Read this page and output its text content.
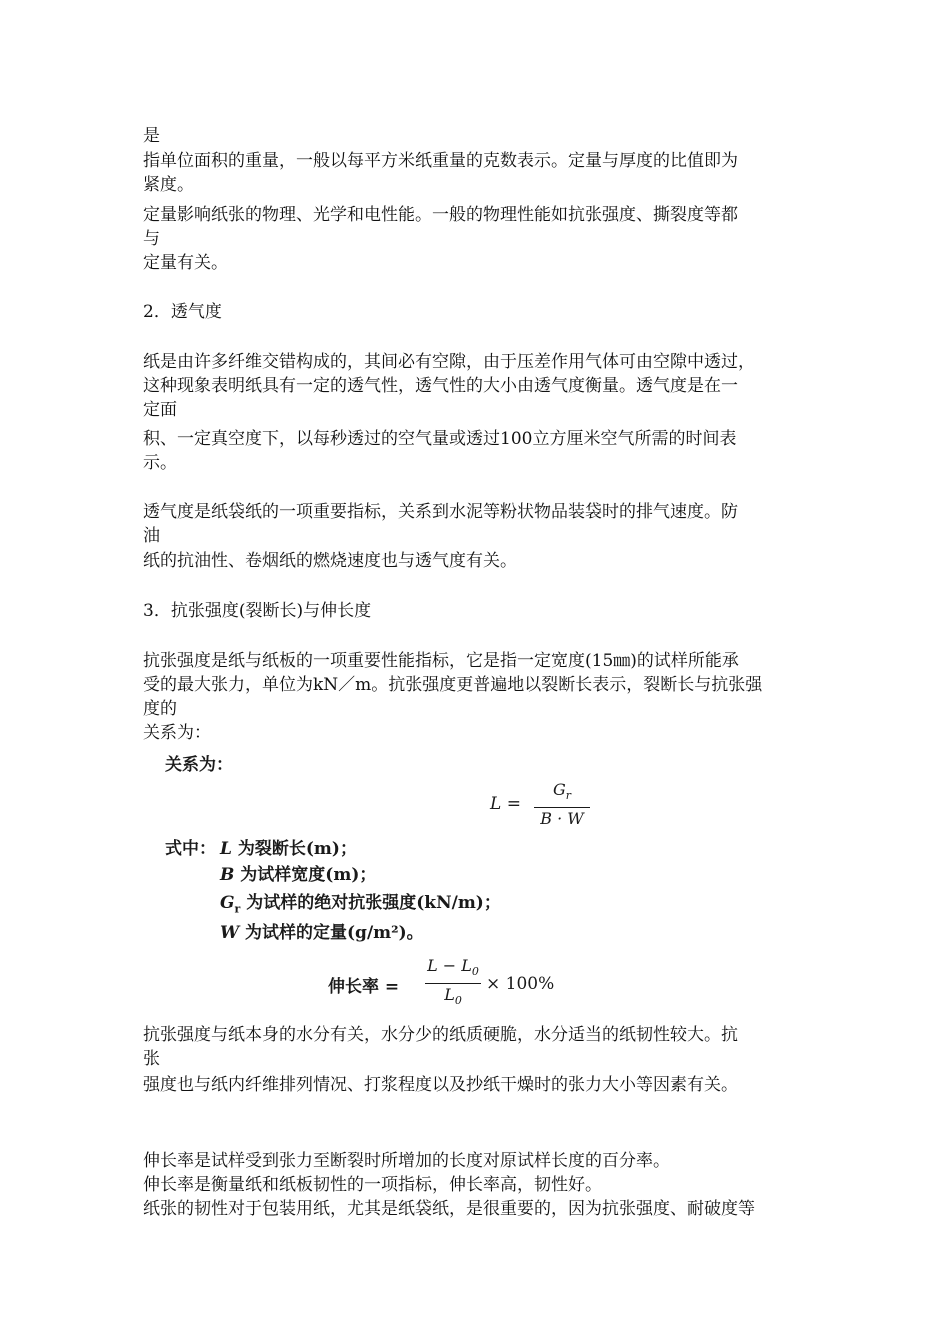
是
指单位面积的重量，一般以每平方米纸重量的克数表示。定量与厚度的比值即为
紧度。
定量影响纸张的物理、光学和电性能。一般的物理性能如抗张强度、撕裂度等都
与
定量有关。
2．透气度
纸是由许多纤维交错构成的，其间必有空隙，由于压差作用气体可由空隙中透过，
这种现象表明纸具有一定的透气性，透气性的大小由透气度衡量。透气度是在一
定面
积、一定真空度下，以每秒透过的空气量或透过100立方厘米空气所需的时间表
示。
透气度是纸袋纸的一项重要指标，关系到水泥等粉状物品装袋时的排气速度。防
油
纸的抗油性、卷烟纸的燃烧速度也与透气度有关。
3．抗张强度(裂断长)与伸长度
抗张强度是纸与纸板的一项重要性能指标，它是指一定宽度(15㎜)的试样所能承
受的最大张力，单位为kN／m。抗张强度更普遍地以裂断长表示，裂断长与抗张强
度的
关系为：
关系为：
L =
$G_r$
B · W
式中： L 为裂断长(m)；
B 为试样宽度(m)；
$G_r$ 为试样的绝对抗张强度(kN/m)；
W 为试样的定量(g/m²)。
伸长率 =
$L - L_0$
$L_0$
× 100%
抗张强度与纸本身的水分有关，水分少的纸质硬脆，水分适当的纸韧性较大。抗
张
强度也与纸内纤维排列情况、打浆程度以及抄纸干燥时的张力大小等因素有关。
伸长率是试样受到张力至断裂时所增加的长度对原试样长度的百分率。
伸长率是衡量纸和纸板韧性的一项指标，伸长率高，韧性好。
纸张的韧性对于包装用纸，尤其是纸袋纸，是很重要的，因为抗张强度、耐破度等
